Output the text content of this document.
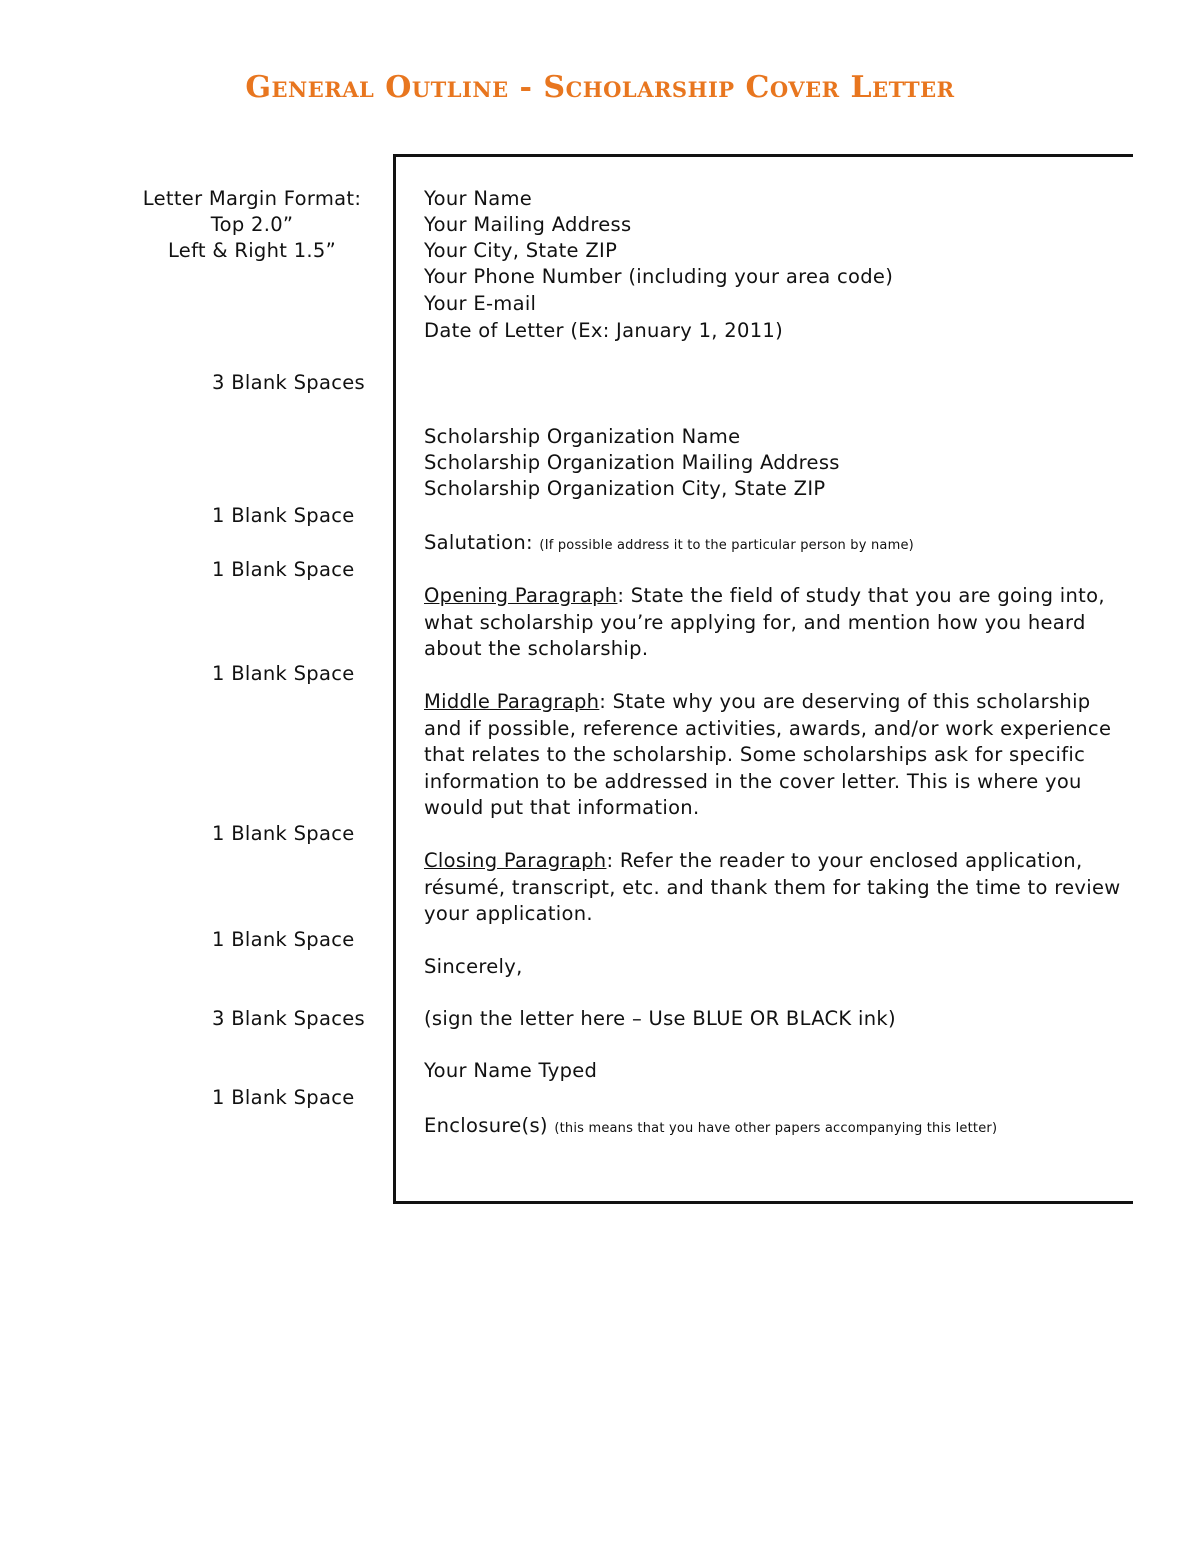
General Outline - Scholarship Cover Letter
Letter Margin Format:
Top 2.0”
Left & Right 1.5”
3 Blank Spaces
1 Blank Space
1 Blank Space
1 Blank Space
1 Blank Space
1 Blank Space
3 Blank Spaces
1 Blank Space
Your Name
Your Mailing Address
Your City, State ZIP
Your Phone Number (including your area code)
Your E-mail
Date of Letter (Ex: January 1, 2011)
Scholarship Organization Name
Scholarship Organization Mailing Address
Scholarship Organization City, State ZIP
Salutation: (If possible address it to the particular person by name)
Opening Paragraph: State the field of study that you are going into, what scholarship you’re applying for, and mention how you heard about the scholarship.
Middle Paragraph: State why you are deserving of this scholarship and if possible, reference activities, awards, and/or work experience that relates to the scholarship. Some scholarships ask for specific information to be addressed in the cover letter. This is where you would put that information.
Closing Paragraph: Refer the reader to your enclosed application, résumé, transcript, etc. and thank them for taking the time to review your application.
Sincerely,
(sign the letter here – Use BLUE OR BLACK ink)
Your Name Typed
Enclosure(s) (this means that you have other papers accompanying this letter)
